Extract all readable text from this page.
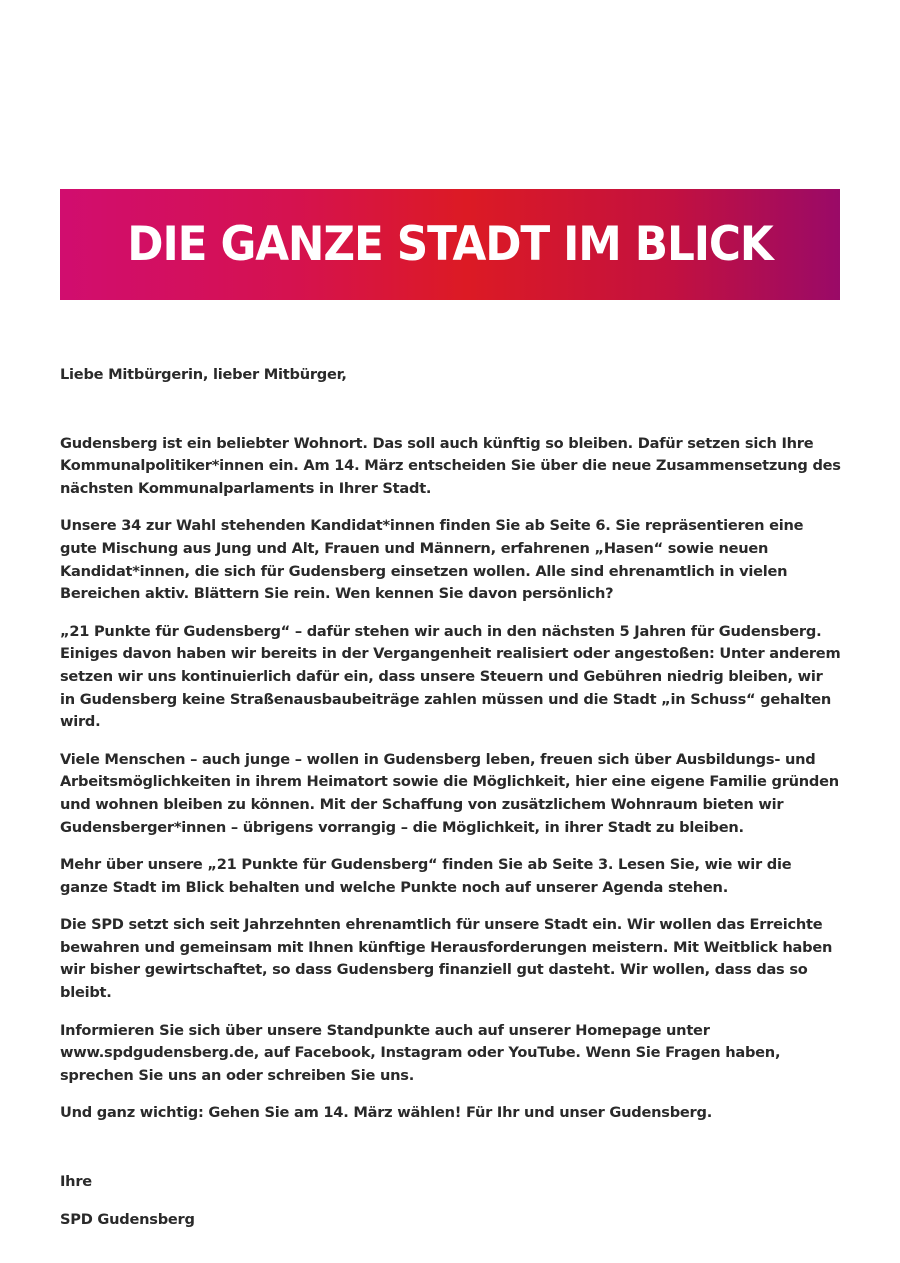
DIE GANZE STADT IM BLICK

Liebe Mitbürgerin, lieber Mitbürger,

Gudensberg ist ein beliebter Wohnort. Das soll auch künftig so bleiben. Dafür setzen sich Ihre Kommunalpolitiker*innen ein. Am 14. März entscheiden Sie über die neue Zusammensetzung des nächsten Kommunalparlaments in Ihrer Stadt.

Unsere 34 zur Wahl stehenden Kandidat*innen finden Sie ab Seite 6. Sie repräsentieren eine gute Mischung aus Jung und Alt, Frauen und Männern, erfahrenen „Hasen“ sowie neuen Kandidat*innen, die sich für Gudensberg einsetzen wollen. Alle sind ehrenamtlich in vielen Bereichen aktiv. Blättern Sie rein. Wen kennen Sie davon persönlich?

„21 Punkte für Gudensberg“ – dafür stehen wir auch in den nächsten 5 Jahren für Gudensberg. Einiges davon haben wir bereits in der Vergangenheit realisiert oder angestoßen: Unter anderem setzen wir uns kontinuierlich dafür ein, dass unsere Steuern und Gebühren niedrig bleiben, wir in Gudensberg keine Straßenausbaubeiträge zahlen müssen und die Stadt „in Schuss“ gehalten wird.

Viele Menschen – auch junge – wollen in Gudensberg leben, freuen sich über Ausbildungs- und Arbeitsmöglichkeiten in ihrem Heimatort sowie die Möglichkeit, hier eine eigene Familie gründen und wohnen bleiben zu können. Mit der Schaffung von zusätzlichem Wohnraum bieten wir Gudensberger*innen – übrigens vorrangig – die Möglichkeit, in ihrer Stadt zu bleiben.

Mehr über unsere „21 Punkte für Gudensberg“ finden Sie ab Seite 3. Lesen Sie, wie wir die ganze Stadt im Blick behalten und welche Punkte noch auf unserer Agenda stehen.

Die SPD setzt sich seit Jahrzehnten ehrenamtlich für unsere Stadt ein. Wir wollen das Erreichte bewahren und gemeinsam mit Ihnen künftige Herausforderungen meistern. Mit Weitblick haben wir bisher gewirtschaftet, so dass Gudensberg finanziell gut dasteht. Wir wollen, dass das so bleibt.

Informieren Sie sich über unsere Standpunkte auch auf unserer Homepage unter www.spdgudensberg.de, auf Facebook, Instagram oder YouTube. Wenn Sie Fragen haben, sprechen Sie uns an oder schreiben Sie uns.

Und ganz wichtig: Gehen Sie am 14. März wählen! Für Ihr und unser Gudensberg.

Ihre

SPD Gudensberg
